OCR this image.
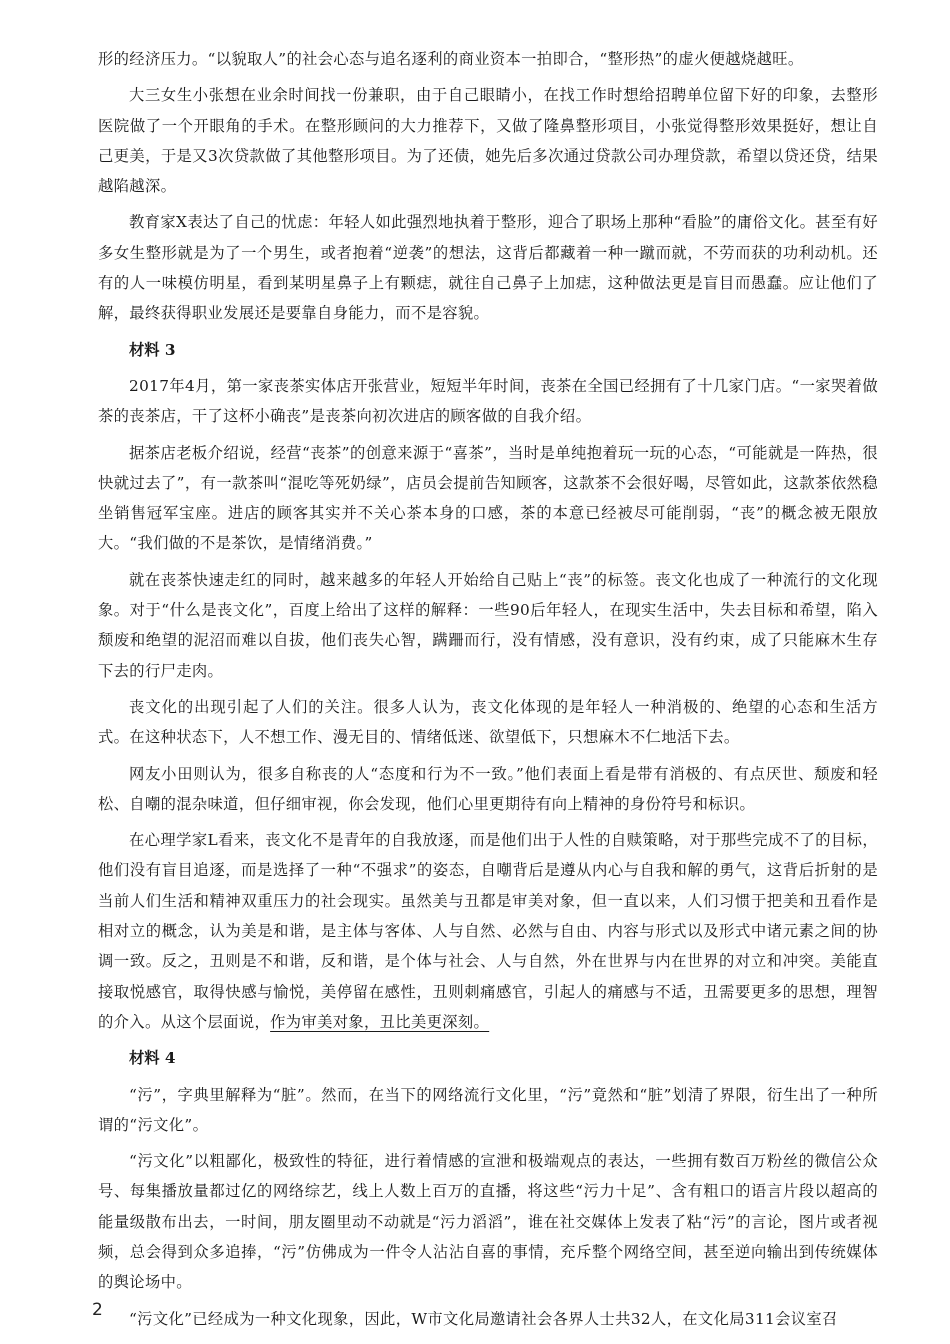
形的经济压力。“以貌取人”的社会心态与追名逐利的商业资本一拍即合，“整形热”的虚火便越烧越旺。

大三女生小张想在业余时间找一份兼职，由于自己眼睛小，在找工作时想给招聘单位留下好的印象，去整形医院做了一个开眼角的手术。在整形顾问的大力推荐下，又做了隆鼻整形项目，小张觉得整形效果挺好，想让自己更美，于是又3次贷款做了其他整形项目。为了还债，她先后多次通过贷款公司办理贷款，希望以贷还贷，结果越陷越深。

教育家X表达了自己的忧虑：年轻人如此强烈地执着于整形，迎合了职场上那种“看脸”的庸俗文化。甚至有好多女生整形就是为了一个男生，或者抱着“逆袭”的想法，这背后都藏着一种一蹴而就，不劳而获的功利动机。还有的人一味模仿明星，看到某明星鼻子上有颗痣，就往自己鼻子上加痣，这种做法更是盲目而愚蠢。应让他们了解，最终获得职业发展还是要靠自身能力，而不是容貌。

材料 3

2017年4月，第一家丧茶实体店开张营业，短短半年时间，丧茶在全国已经拥有了十几家门店。“一家哭着做茶的丧茶店，干了这杯小确丧”是丧茶向初次进店的顾客做的自我介绍。

据茶店老板介绍说，经营“丧茶”的创意来源于“喜茶”，当时是单纯抱着玩一玩的心态，“可能就是一阵热，很快就过去了”，有一款茶叫“混吃等死奶绿”，店员会提前告知顾客，这款茶不会很好喝，尽管如此，这款茶依然稳坐销售冠军宝座。进店的顾客其实并不关心茶本身的口感，茶的本意已经被尽可能削弱，“丧”的概念被无限放大。“我们做的不是茶饮，是情绪消费。”

就在丧茶快速走红的同时，越来越多的年轻人开始给自己贴上“丧”的标签。丧文化也成了一种流行的文化现象。对于“什么是丧文化”，百度上给出了这样的解释：一些90后年轻人，在现实生活中，失去目标和希望，陷入颓废和绝望的泥沼而难以自拔，他们丧失心智，蹒跚而行，没有情感，没有意识，没有约束，成了只能麻木生存下去的行尸走肉。

丧文化的出现引起了人们的关注。很多人认为，丧文化体现的是年轻人一种消极的、绝望的心态和生活方式。在这种状态下，人不想工作、漫无目的、情绪低迷、欲望低下，只想麻木不仁地活下去。

网友小田则认为，很多自称丧的人“态度和行为不一致。”他们表面上看是带有消极的、有点厌世、颓废和轻松、自嘲的混杂味道，但仔细审视，你会发现，他们心里更期待有向上精神的身份符号和标识。

在心理学家L看来，丧文化不是青年的自我放逐，而是他们出于人性的自赎策略，对于那些完成不了的目标，他们没有盲目追逐，而是选择了一种“不强求”的姿态，自嘲背后是遵从内心与自我和解的勇气，这背后折射的是当前人们生活和精神双重压力的社会现实。虽然美与丑都是审美对象，但一直以来，人们习惯于把美和丑看作是相对立的概念，认为美是和谐，是主体与客体、人与自然、必然与自由、内容与形式以及形式中诸元素之间的协调一致。反之，丑则是不和谐，反和谐，是个体与社会、人与自然，外在世界与内在世界的对立和冲突。美能直接取悦感官，取得快感与愉悦，美停留在感性，丑则刺痛感官，引起人的痛感与不适，丑需要更多的思想，理智的介入。从这个层面说，作为审美对象，丑比美更深刻。

材料 4

“污”，字典里解释为“脏”。然而，在当下的网络流行文化里，“污”竟然和“脏”划清了界限，衍生出了一种所谓的“污文化”。

“污文化”以粗鄙化，极致性的特征，进行着情感的宣泄和极端观点的表达，一些拥有数百万粉丝的微信公众号、每集播放量都过亿的网络综艺，线上人数上百万的直播，将这些“污力十足”、含有粗口的语言片段以超高的能量级散布出去，一时间，朋友圈里动不动就是“污力滔滔”，谁在社交媒体上发表了粘“污”的言论，图片或者视频，总会得到众多追捧，“污”仿佛成为一件令人沾沾自喜的事情，充斥整个网络空间，甚至逆向输出到传统媒体的舆论场中。

“污文化”已经成为一种文化现象，因此，W市文化局邀请社会各界人士共32人，在文化局311会议室召

2
